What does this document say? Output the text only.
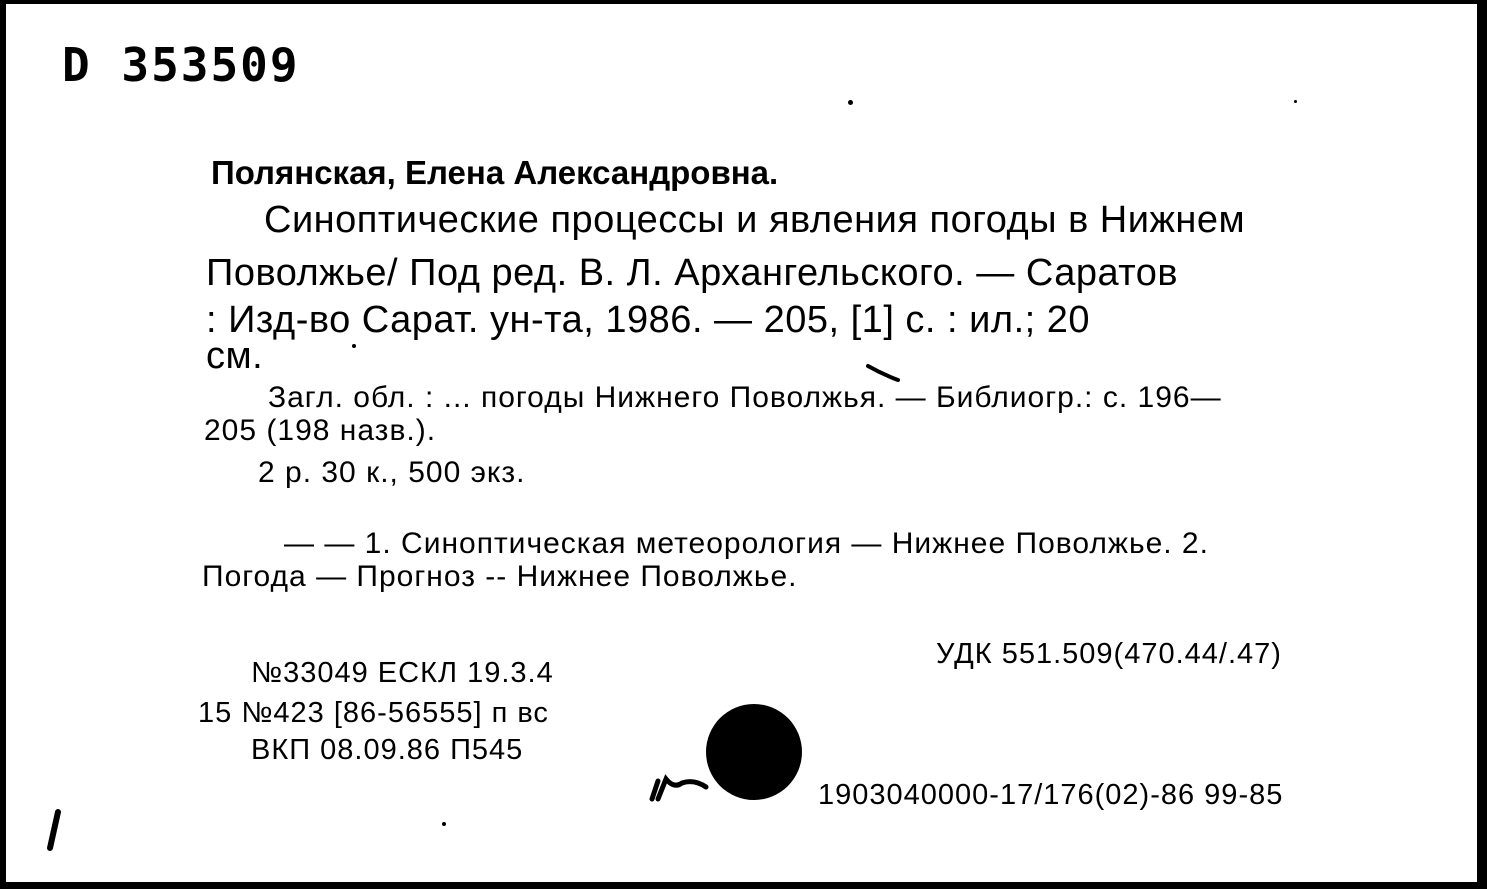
D 353509
Полянская, Елена Александровна.
Синоптические процессы и явления погоды в Нижнем
Поволжье/ Под ред. В. Л. Архангельского. — Саратов
: Изд-во Сарат. ун-та, 1986. — 205, [1] с. : ил.; 20
см.
Загл. обл. : ... погоды Нижнего Поволжья. — Библиогр.: с. 196—
205 (198 назв.).
2 р. 30 к., 500 экз.
— — 1. Синоптическая метеорология — Нижнее Поволжье. 2.
Погода — Прогноз -- Нижнее Поволжье.
УДК 551.509(470.44/.47)
№33049 ЕСКЛ 19.3.4
15 №423 [86-56555] п вс
ВКП 08.09.86 П545
1903040000-17/176(02)-86 99-85
